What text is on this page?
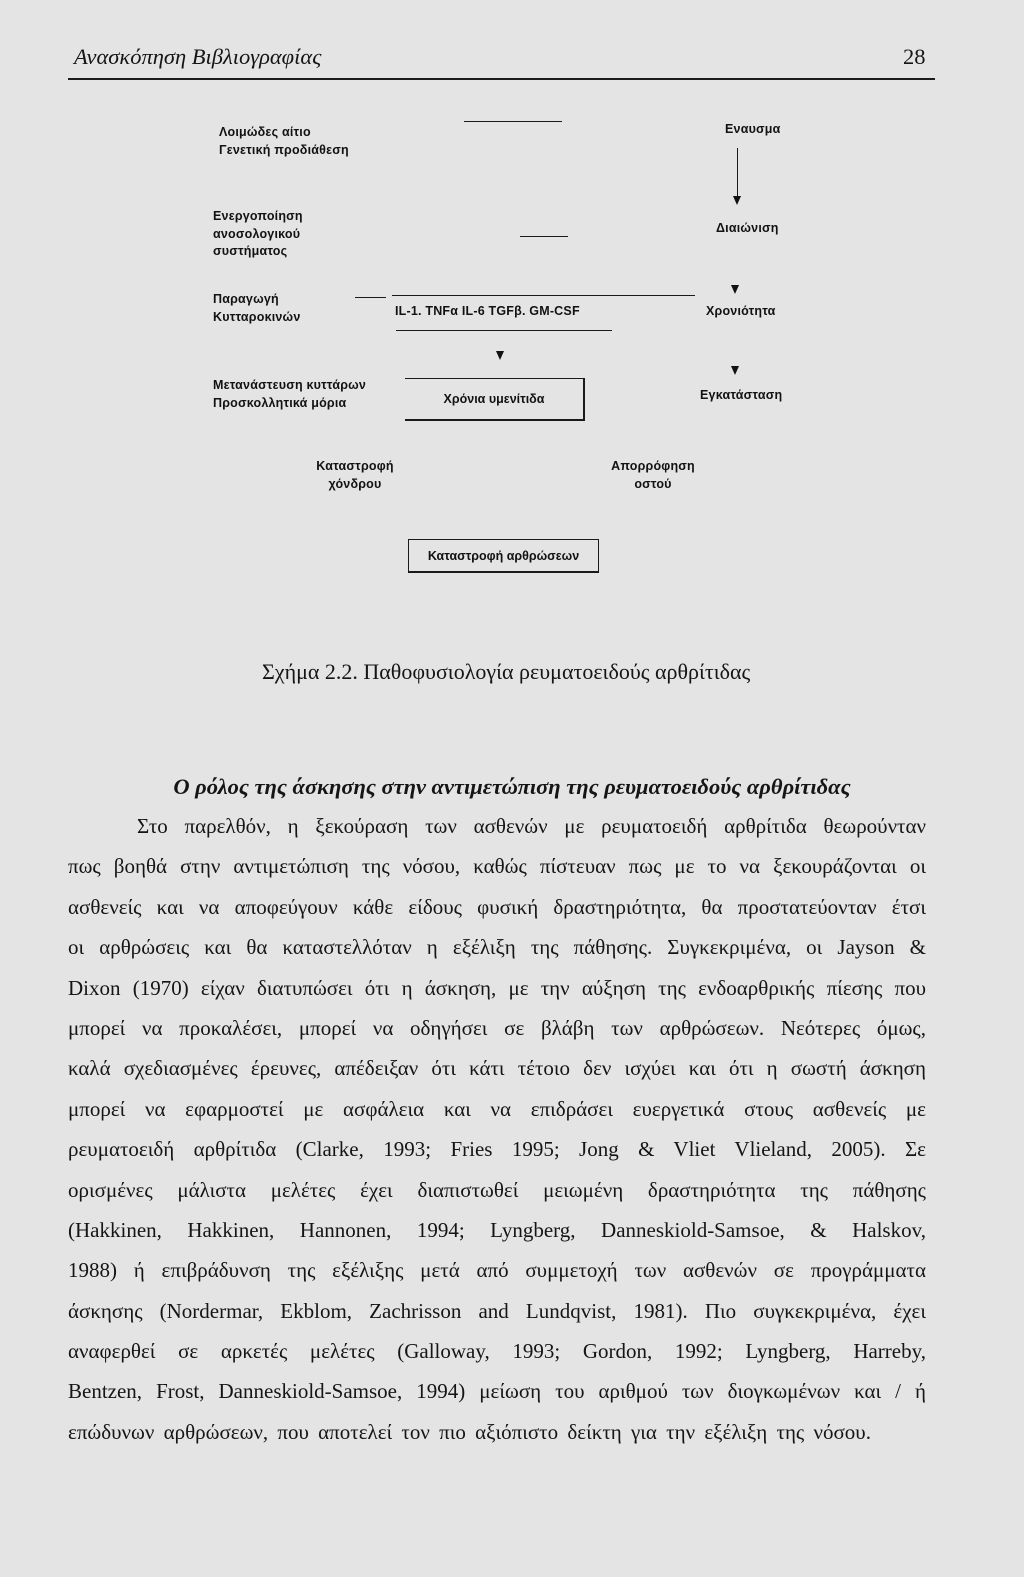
Ανασκόπηση Βιβλιογραφίας	28
Λοιμώδες αίτιο
Γενετική προδιάθεση
Εναυσμα
Ενεργοποίηση
ανοσολογικού
συστήματος
Διαιώνιση
Παραγωγή
Κυτταροκινών	IL-1. TNFα IL-6 TGFβ. GM-CSF	Χρονιότητα
Μετανάστευση κυττάρων
Προσκολλητικά μόρια	Χρόνια υμενίτιδα	Εγκατάσταση
Καταστροφή
χόνδρου
Απορρόφηση
οστού
Καταστροφή αρθρώσεων
Σχήμα 2.2. Παθοφυσιολογία ρευματοειδούς αρθρίτιδας
Ο ρόλος της άσκησης στην αντιμετώπιση της ρευματοειδούς αρθρίτιδας
Στο παρελθόν, η ξεκούραση των ασθενών με ρευματοειδή αρθρίτιδα θεωρούνταν
πως βοηθά στην αντιμετώπιση της νόσου, καθώς πίστευαν πως με το να ξεκουράζονται οι
ασθενείς και να αποφεύγουν κάθε είδους φυσική δραστηριότητα, θα προστατεύονταν έτσι
οι αρθρώσεις και θα καταστελλόταν η εξέλιξη της πάθησης. Συγκεκριμένα, οι Jayson &
Dixon (1970) είχαν διατυπώσει ότι η άσκηση, με την αύξηση της ενδοαρθρικής πίεσης που
μπορεί να προκαλέσει, μπορεί να οδηγήσει σε βλάβη των αρθρώσεων. Νεότερες όμως,
καλά σχεδιασμένες έρευνες, απέδειξαν ότι κάτι τέτοιο δεν ισχύει και ότι η σωστή άσκηση
μπορεί να εφαρμοστεί με ασφάλεια και να επιδράσει ευεργετικά στους ασθενείς με
ρευματοειδή αρθρίτιδα (Clarke, 1993; Fries 1995; Jong & Vliet Vlieland, 2005). Σε
ορισμένες μάλιστα μελέτες έχει διαπιστωθεί μειωμένη δραστηριότητα της πάθησης
(Hakkinen, Hakkinen, Hannonen, 1994; Lyngberg, Danneskiold-Samsoe, & Halskov,
1988) ή επιβράδυνση της εξέλιξης μετά από συμμετοχή των ασθενών σε προγράμματα
άσκησης (Nordermar, Ekblom, Zachrisson and Lundqvist, 1981). Πιο συγκεκριμένα, έχει
αναφερθεί σε αρκετές μελέτες (Galloway, 1993; Gordon, 1992; Lyngberg, Harreby,
Bentzen, Frost, Danneskiold-Samsoe, 1994) μείωση του αριθμού των διογκωμένων και / ή
επώδυνων αρθρώσεων, που αποτελεί τον πιο αξιόπιστο δείκτη για την εξέλιξη της νόσου.
